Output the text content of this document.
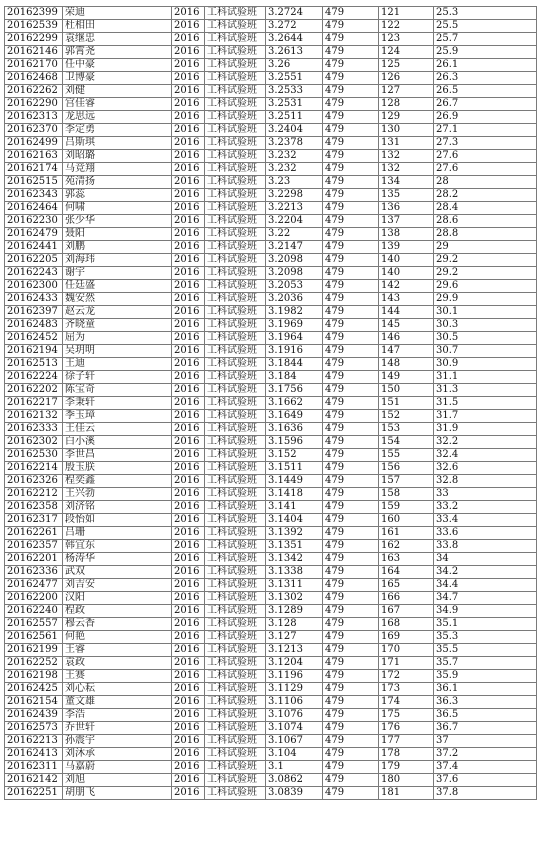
20162399	荣迪	2016	工科试验班	3.2724	479	121	25.3
20162539	杜相田	2016	工科试验班	3.272	479	122	25.5
20162299	袁继忠	2016	工科试验班	3.2644	479	123	25.7
20162146	郭霄尧	2016	工科试验班	3.2613	479	124	25.9
20162170	任中豪	2016	工科试验班	3.26	479	125	26.1
20162468	卫博豪	2016	工科试验班	3.2551	479	126	26.3
20162262	刘健	2016	工科试验班	3.2533	479	127	26.5
20162290	宫佳睿	2016	工科试验班	3.2531	479	128	26.7
20162313	龙思远	2016	工科试验班	3.2511	479	129	26.9
20162370	李定勇	2016	工科试验班	3.2404	479	130	27.1
20162499	吕斯琪	2016	工科试验班	3.2378	479	131	27.3
20162163	刘昭璐	2016	工科试验班	3.232	479	132	27.6
20162174	马竞翔	2016	工科试验班	3.232	479	132	27.6
20162515	苑清扬	2016	工科试验班	3.23	479	134	28
20162343	郭蕊	2016	工科试验班	3.2298	479	135	28.2
20162464	何啸	2016	工科试验班	3.2213	479	136	28.4
20162230	张少华	2016	工科试验班	3.2204	479	137	28.6
20162479	聂阳	2016	工科试验班	3.22	479	138	28.8
20162441	刘鹏	2016	工科试验班	3.2147	479	139	29
20162205	刘海玮	2016	工科试验班	3.2098	479	140	29.2
20162243	谢宇	2016	工科试验班	3.2098	479	140	29.2
20162300	任廷盛	2016	工科试验班	3.2053	479	142	29.6
20162433	魏安然	2016	工科试验班	3.2036	479	143	29.9
20162397	赵云龙	2016	工科试验班	3.1982	479	144	30.1
20162483	齐晓童	2016	工科试验班	3.1969	479	145	30.3
20162452	屈为	2016	工科试验班	3.1964	479	146	30.5
20162194	吴玥明	2016	工科试验班	3.1916	479	147	30.7
20162513	王迪	2016	工科试验班	3.1844	479	148	30.9
20162224	徐子轩	2016	工科试验班	3.184	479	149	31.1
20162202	陈宝奇	2016	工科试验班	3.1756	479	150	31.3
20162217	李秉轩	2016	工科试验班	3.1662	479	151	31.5
20162132	季玉璋	2016	工科试验班	3.1649	479	152	31.7
20162333	王佳云	2016	工科试验班	3.1636	479	153	31.9
20162302	白小溪	2016	工科试验班	3.1596	479	154	32.2
20162530	李世昌	2016	工科试验班	3.152	479	155	32.4
20162214	殷玉朕	2016	工科试验班	3.1511	479	156	32.6
20162326	程奕鑫	2016	工科试验班	3.1449	479	157	32.8
20162212	王兴勃	2016	工科试验班	3.1418	479	158	33
20162358	刘济铭	2016	工科试验班	3.141	479	159	33.2
20162317	段怡如	2016	工科试验班	3.1404	479	160	33.4
20162261	吕珊	2016	工科试验班	3.1392	479	161	33.6
20162357	韩宜东	2016	工科试验班	3.1351	479	162	33.8
20162201	杨涛华	2016	工科试验班	3.1342	479	163	34
20162336	武双	2016	工科试验班	3.1338	479	164	34.2
20162477	刘吉安	2016	工科试验班	3.1311	479	165	34.4
20162200	汉阳	2016	工科试验班	3.1302	479	166	34.7
20162240	程政	2016	工科试验班	3.1289	479	167	34.9
20162557	穆云香	2016	工科试验班	3.128	479	168	35.1
20162561	何艳	2016	工科试验班	3.127	479	169	35.3
20162199	王睿	2016	工科试验班	3.1213	479	170	35.5
20162252	袁政	2016	工科试验班	3.1204	479	171	35.7
20162198	王赛	2016	工科试验班	3.1196	479	172	35.9
20162425	刘心耘	2016	工科试验班	3.1129	479	173	36.1
20162154	董文雄	2016	工科试验班	3.1106	479	174	36.3
20162439	李浩	2016	工科试验班	3.1076	479	175	36.5
20162573	乔世轩	2016	工科试验班	3.1074	479	176	36.7
20162213	孙震宇	2016	工科试验班	3.1067	479	177	37
20162413	刘沐承	2016	工科试验班	3.104	479	178	37.2
20162311	马嘉蔚	2016	工科试验班	3.1	479	179	37.4
20162142	刘旭	2016	工科试验班	3.0862	479	180	37.6
20162251	胡朋飞	2016	工科试验班	3.0839	479	181	37.8
